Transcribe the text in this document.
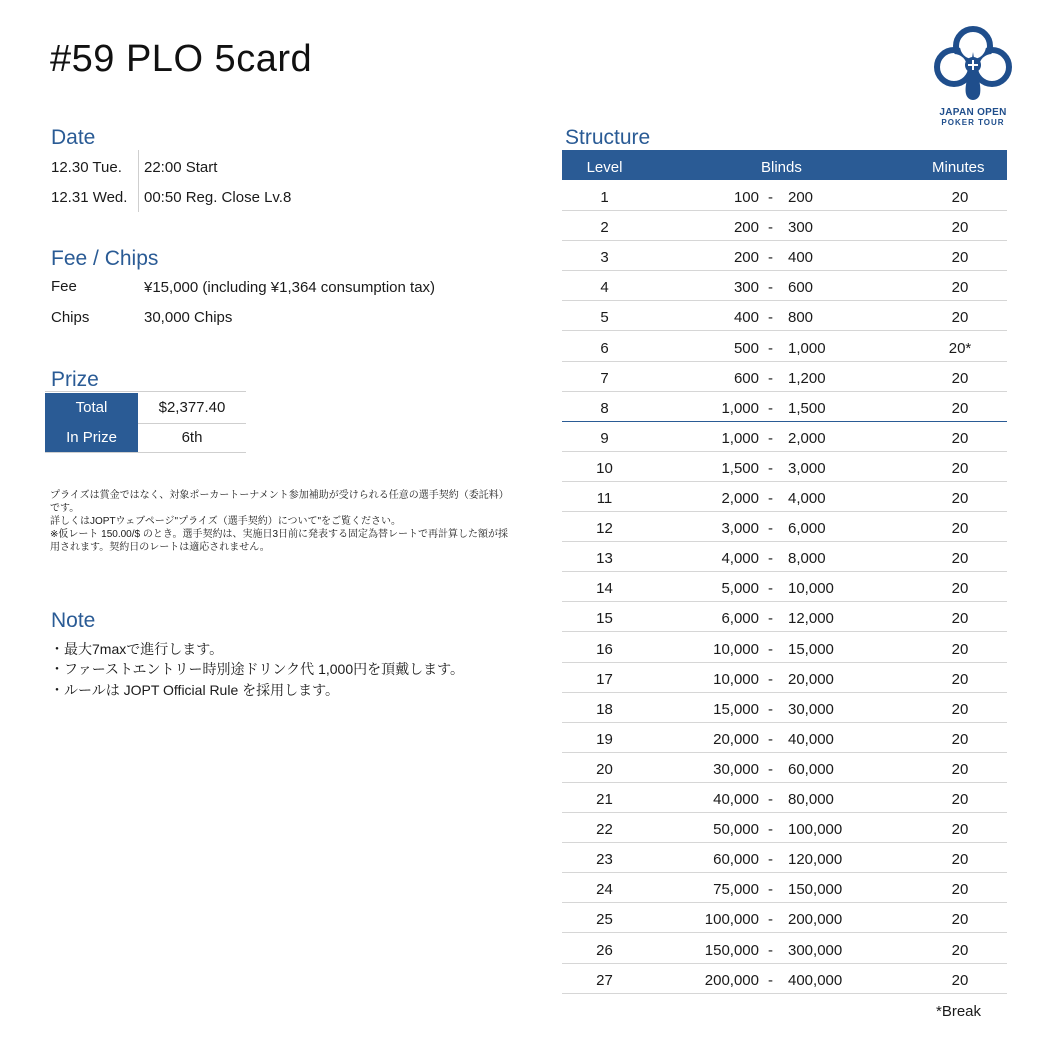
#59 PLO 5card
JAPAN OPEN
POKER TOUR
Date
12.30 Tue. 22:00 Start
12.31 Wed. 00:50 Reg. Close Lv.8
Fee / Chips
Fee	¥15,000 (including ¥1,364 consumption tax)
Chips	30,000 Chips
Prize
Total	$2,377.40
In Prize	6th
プライズは賞金ではなく、対象ポーカートーナメント参加補助が受けられる任意の選手契約（委託料）です。
詳しくはJOPTウェブページ"プライズ（選手契約）について"をご覧ください。
※仮レート 150.00/$ のとき。選手契約は、実施日3日前に発表する固定為替レートで再計算した額が採用されます。契約日のレートは適応されません。
Note
・最大7maxで進行します。
・ファーストエントリー時別途ドリンク代 1,000円を頂戴します。
・ルールは JOPT Official Rule を採用します。
Structure
Level	Blinds	Minutes
1	100 - 200	20
2	200 - 300	20
3	200 - 400	20
4	300 - 600	20
5	400 - 800	20
6	500 - 1,000	20*
7	600 - 1,200	20
8	1,000 - 1,500	20
9	1,000 - 2,000	20
10	1,500 - 3,000	20
11	2,000 - 4,000	20
12	3,000 - 6,000	20
13	4,000 - 8,000	20
14	5,000 - 10,000	20
15	6,000 - 12,000	20
16	10,000 - 15,000	20
17	10,000 - 20,000	20
18	15,000 - 30,000	20
19	20,000 - 40,000	20
20	30,000 - 60,000	20
21	40,000 - 80,000	20
22	50,000 - 100,000	20
23	60,000 - 120,000	20
24	75,000 - 150,000	20
25	100,000 - 200,000	20
26	150,000 - 300,000	20
27	200,000 - 400,000	20
*Break
